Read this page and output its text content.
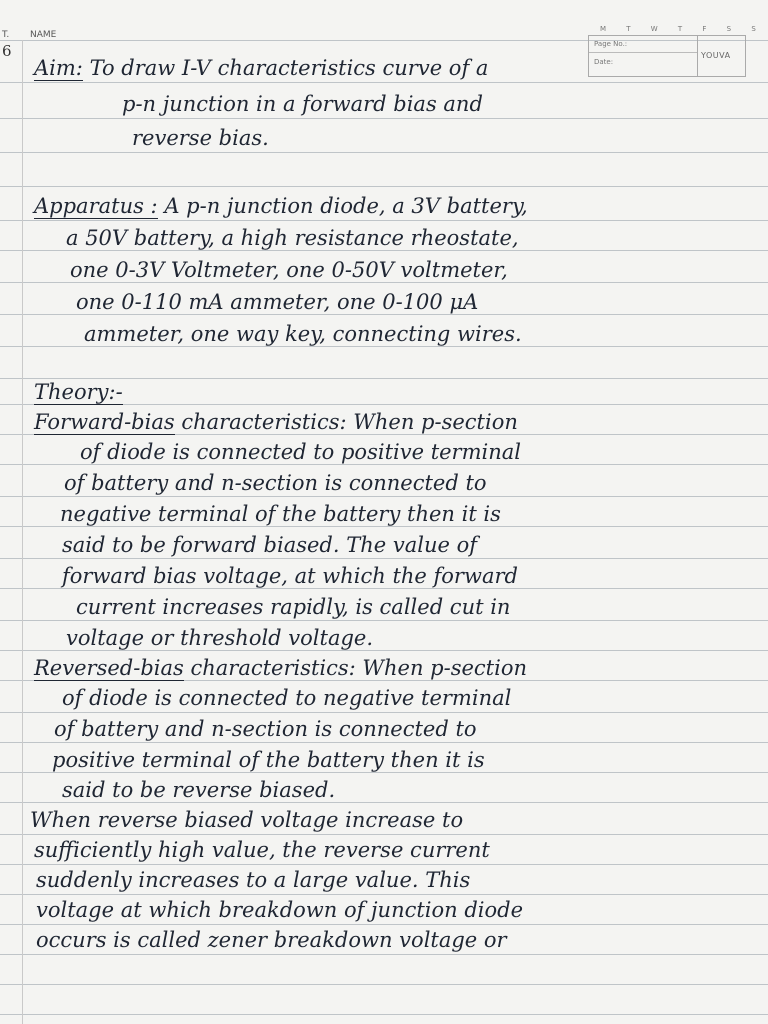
T.
6
NAME
M T W T F S S
Page No.:
Date:
YOUVA
Aim: To draw I-V characteristics curve of a
p-n junction in a forward bias and
reverse bias.
Apparatus : A p-n junction diode, a 3V battery,
a 50V battery, a high resistance rheostate,
one 0-3V Voltmeter, one 0-50V voltmeter,
one 0-110 mA ammeter, one 0-100 μA
ammeter, one way key, connecting wires.
Theory:-
Forward-bias characteristics: When p-section
of diode is connected to positive terminal
of battery and n-section is connected to
negative terminal of the battery then it is
said to be forward biased. The value of
forward bias voltage, at which the forward
current increases rapidly, is called cut in
voltage or threshold voltage.
Reversed-bias characteristics: When p-section
of diode is connected to negative terminal
of battery and n-section is connected to
positive terminal of the battery then it is
said to be reverse biased.
When reverse biased voltage increase to
sufficiently high value, the reverse current
suddenly increases to a large value. This
voltage at which breakdown of junction diode
occurs is called zener breakdown voltage or
